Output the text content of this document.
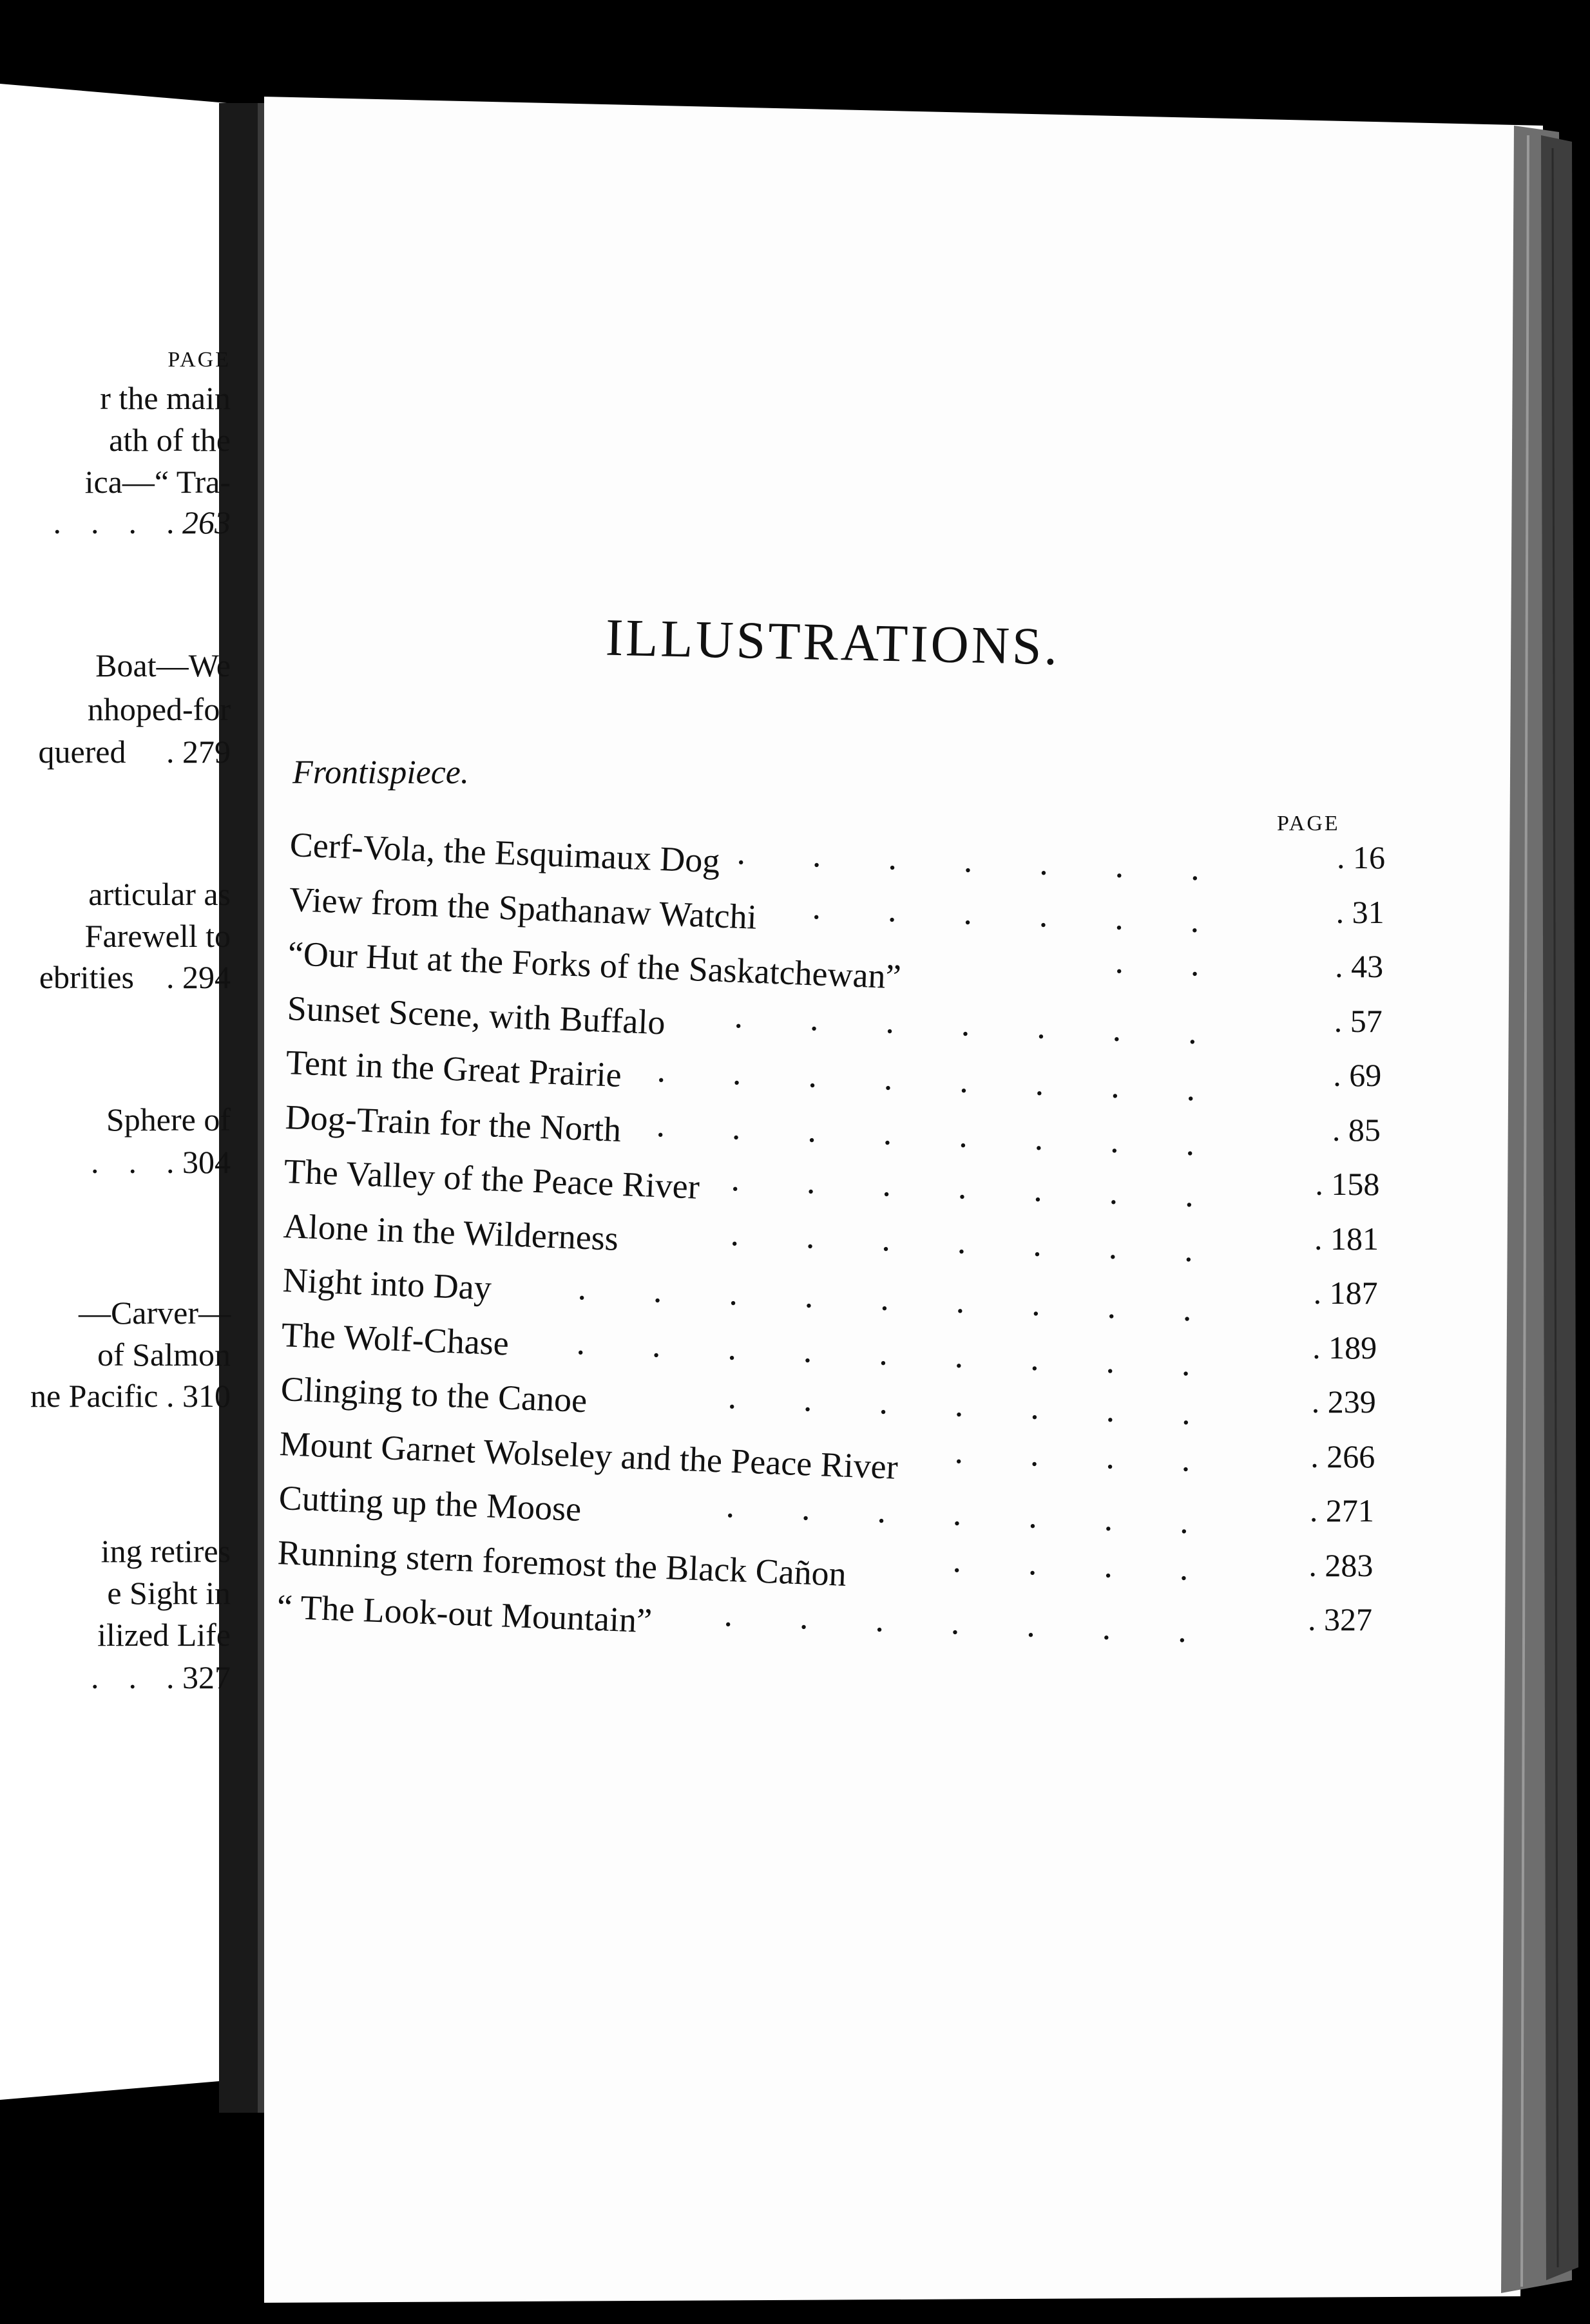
PAGE
r the main
ath of the
ica—“ Tra-
.... 263
Boat—We
nhoped-for
quered     . 279
articular as
Farewell to
ebrities    . 294
Sphere of
... 304
—Carver—
of Salmon
ne Pacific . 310
ing retires
e Sight in
ilized Life
... 327
ILLUSTRATIONS.
Frontispiece.
PAGE
Cerf-Vola, the Esquimaux Dog .......	. 16
View from the Spathanaw Watchi ......	. 31
“Our Hut at the Forks of the Saskatchewan”	..	. 43
Sunset Scene, with Buffalo .......	. 57
Tent in the Great Prairie ........	. 69
Dog-Train for the North ........	. 85
The Valley of the Peace River .......	. 158
Alone in the Wilderness	.......	. 181
Night into Day .........	. 187
The Wolf-Chase .........	. 189
Clinging to the Canoe	.......	. 239
Mount Garnet Wolseley and the Peace River ....	. 266
Cutting up the Moose	.......	. 271
Running stern foremost the Black Cañon	....	. 283
“ The Look-out Mountain” .......	. 327
